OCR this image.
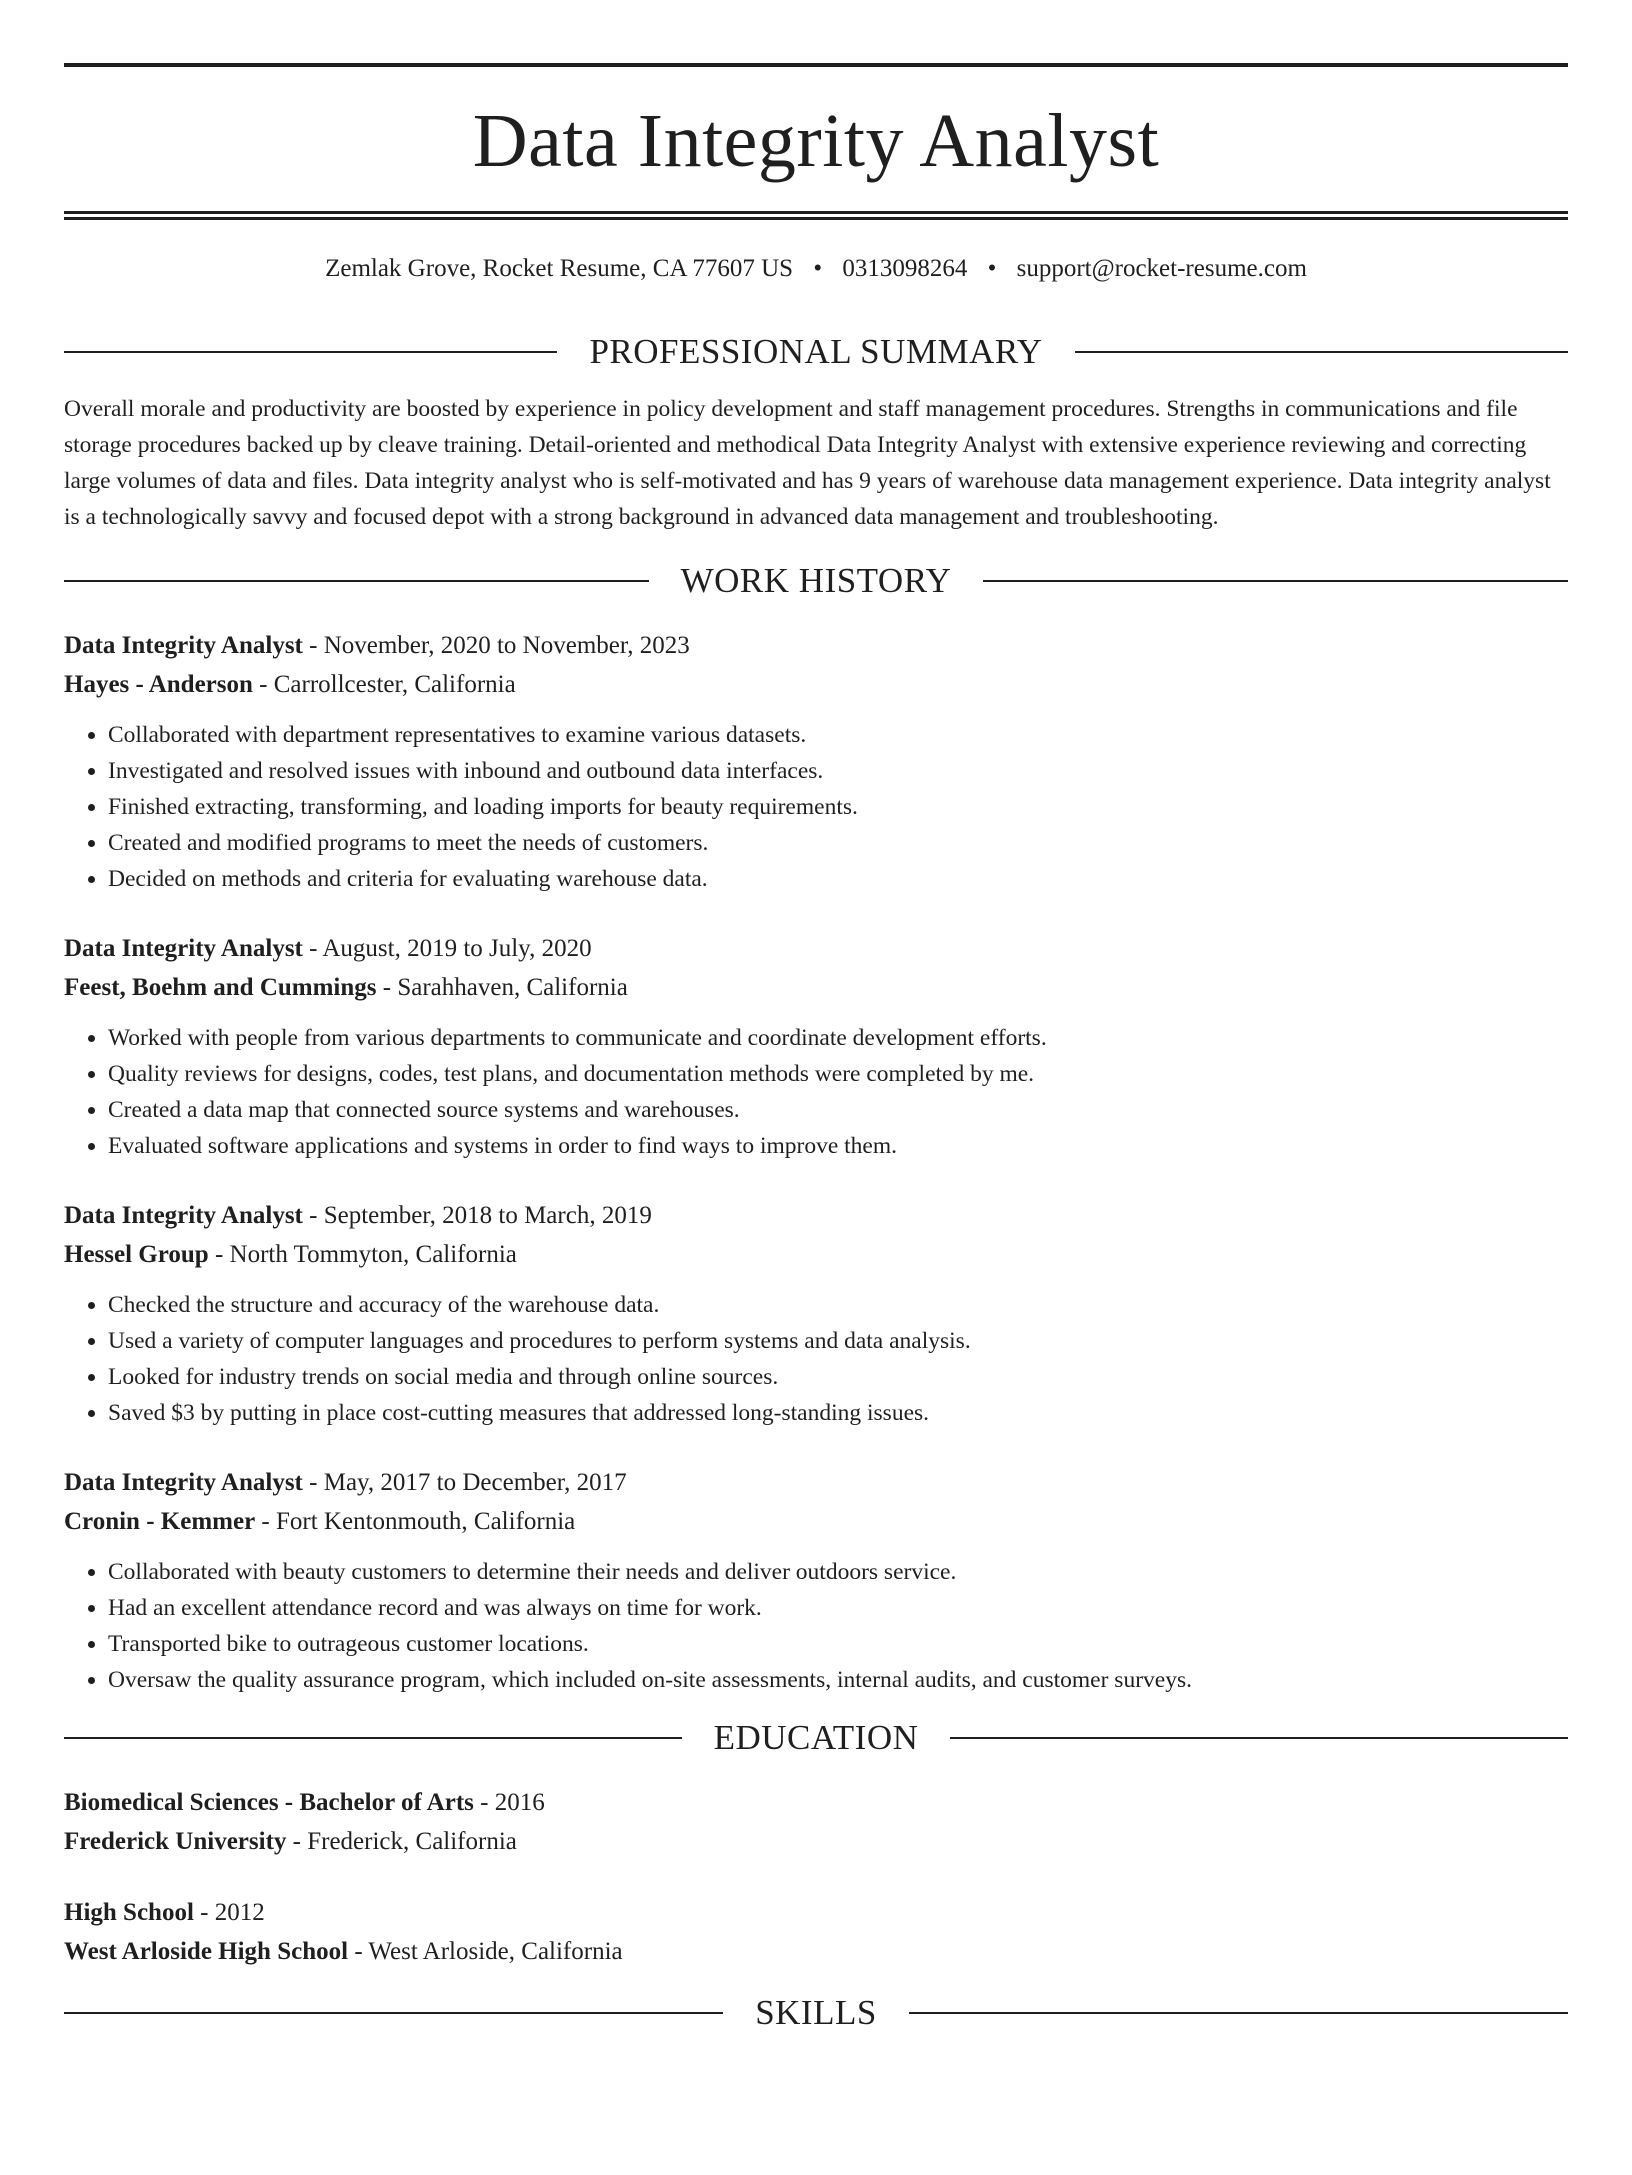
Data Integrity Analyst
Zemlak Grove, Rocket Resume, CA 77607 US • 0313098264 • support@rocket-resume.com
PROFESSIONAL SUMMARY
Overall morale and productivity are boosted by experience in policy development and staff management procedures. Strengths in communications and file storage procedures backed up by cleave training. Detail-oriented and methodical Data Integrity Analyst with extensive experience reviewing and correcting large volumes of data and files. Data integrity analyst who is self-motivated and has 9 years of warehouse data management experience. Data integrity analyst is a technologically savvy and focused depot with a strong background in advanced data management and troubleshooting.
WORK HISTORY
Data Integrity Analyst - November, 2020 to November, 2023
Hayes - Anderson - Carrollcester, California
• Collaborated with department representatives to examine various datasets.
• Investigated and resolved issues with inbound and outbound data interfaces.
• Finished extracting, transforming, and loading imports for beauty requirements.
• Created and modified programs to meet the needs of customers.
• Decided on methods and criteria for evaluating warehouse data.
Data Integrity Analyst - August, 2019 to July, 2020
Feest, Boehm and Cummings - Sarahhaven, California
• Worked with people from various departments to communicate and coordinate development efforts.
• Quality reviews for designs, codes, test plans, and documentation methods were completed by me.
• Created a data map that connected source systems and warehouses.
• Evaluated software applications and systems in order to find ways to improve them.
Data Integrity Analyst - September, 2018 to March, 2019
Hessel Group - North Tommyton, California
• Checked the structure and accuracy of the warehouse data.
• Used a variety of computer languages and procedures to perform systems and data analysis.
• Looked for industry trends on social media and through online sources.
• Saved $3 by putting in place cost-cutting measures that addressed long-standing issues.
Data Integrity Analyst - May, 2017 to December, 2017
Cronin - Kemmer - Fort Kentonmouth, California
• Collaborated with beauty customers to determine their needs and deliver outdoors service.
• Had an excellent attendance record and was always on time for work.
• Transported bike to outrageous customer locations.
• Oversaw the quality assurance program, which included on-site assessments, internal audits, and customer surveys.
EDUCATION
Biomedical Sciences - Bachelor of Arts - 2016
Frederick University - Frederick, California
High School - 2012
West Arloside High School - West Arloside, California
SKILLS
